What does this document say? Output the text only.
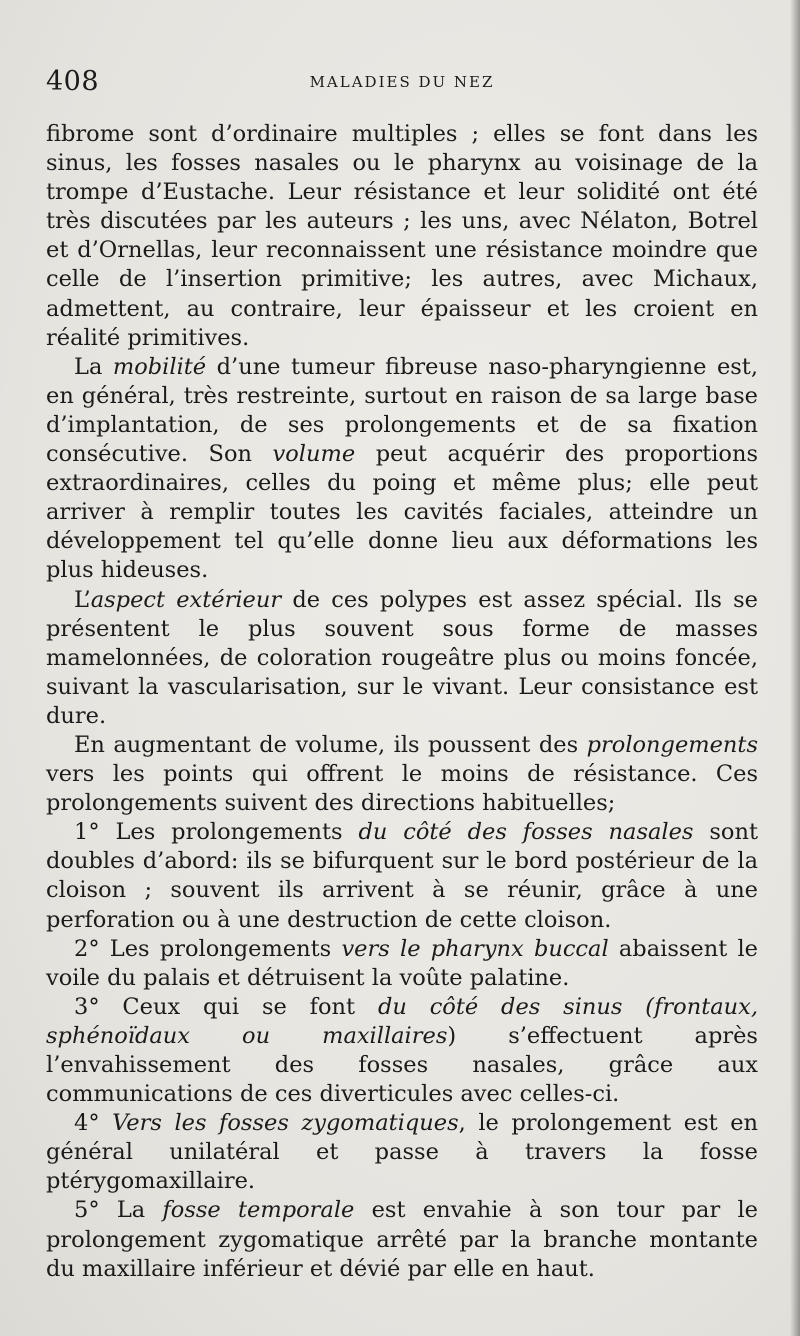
408	MALADIES DU NEZ

fibrome sont d’ordinaire multiples ; elles se font dans les sinus, les fosses nasales ou le pharynx au voisinage de la trompe d’Eustache. Leur résistance et leur solidité ont été très discutées par les auteurs ; les uns, avec Nélaton, Botrel et d’Ornellas, leur reconnaissent une résistance moindre que celle de l’insertion primitive; les autres, avec Michaux, admettent, au contraire, leur épaisseur et les croient en réalité primitives.

La mobilité d’une tumeur fibreuse naso-pharyngienne est, en général, très restreinte, surtout en raison de sa large base d’implantation, de ses prolongements et de sa fixation consécutive. Son volume peut acquérir des proportions extraordinaires, celles du poing et même plus; elle peut arriver à remplir toutes les cavités faciales, atteindre un développement tel qu’elle donne lieu aux déformations les plus hideuses.

L’aspect extérieur de ces polypes est assez spécial. Ils se présentent le plus souvent sous forme de masses mamelonnées, de coloration rougeâtre plus ou moins foncée, suivant la vascularisation, sur le vivant. Leur consistance est dure.

En augmentant de volume, ils poussent des prolongements vers les points qui offrent le moins de résistance. Ces prolongements suivent des directions habituelles;

1° Les prolongements du côté des fosses nasales sont doubles d’abord: ils se bifurquent sur le bord postérieur de la cloison ; souvent ils arrivent à se réunir, grâce à une perforation ou à une destruction de cette cloison.

2° Les prolongements vers le pharynx buccal abaissent le voile du palais et détruisent la voûte palatine.

3° Ceux qui se font du côté des sinus (frontaux, sphénoïdaux ou maxillaires) s’effectuent après l’envahissement des fosses nasales, grâce aux communications de ces diverticules avec celles-ci.

4° Vers les fosses zygomatiques, le prolongement est en général unilatéral et passe à travers la fosse ptérygomaxillaire.

5° La fosse temporale est envahie à son tour par le prolongement zygomatique arrêté par la branche montante du maxillaire inférieur et dévié par elle en haut.
